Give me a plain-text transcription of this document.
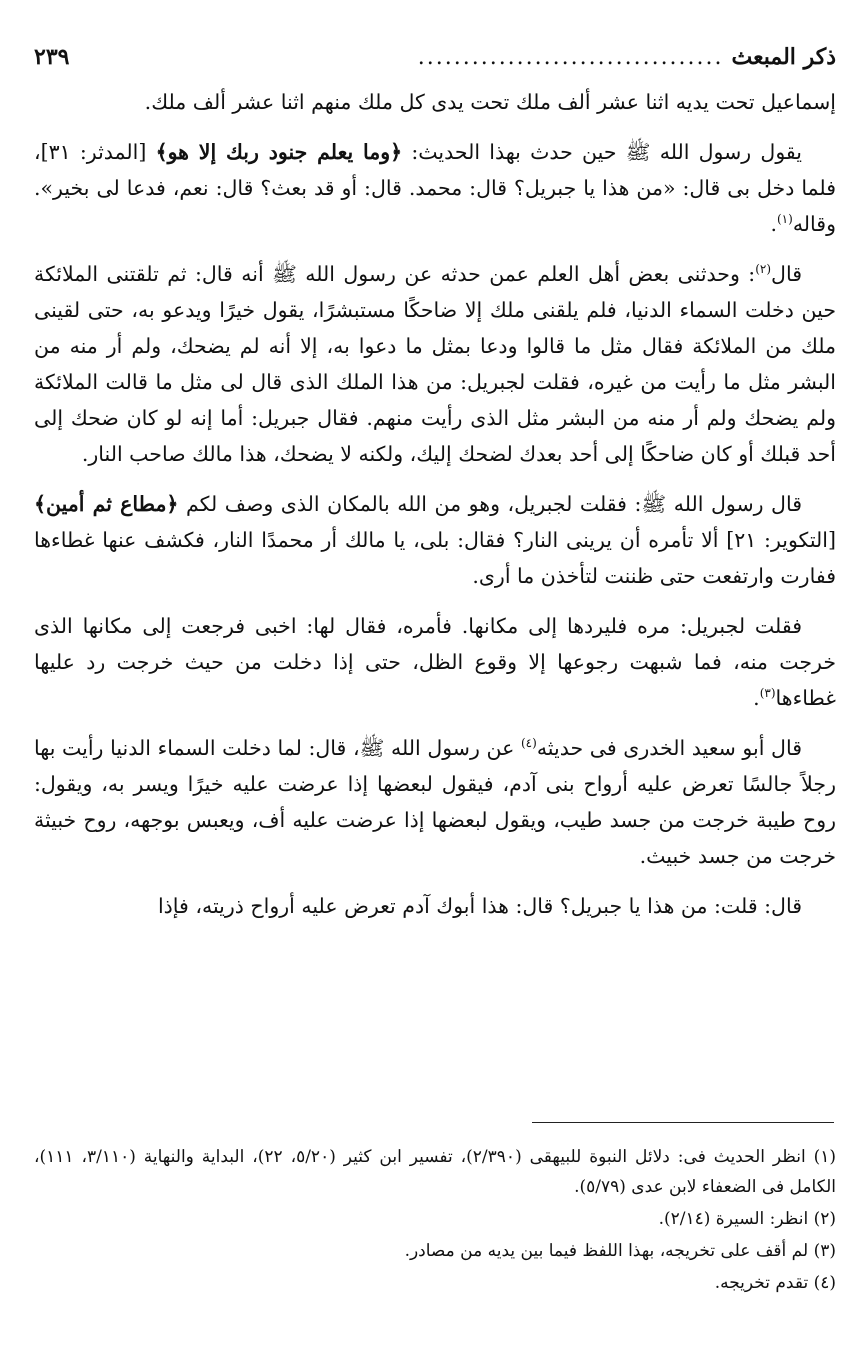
ذكر المبعث
..................................
٢٣٩

إسماعيل تحت يديه اثنا عشر ألف ملك تحت يدى كل ملك منهم اثنا عشر ألف ملك.

يقول رسول الله ﷺ حين حدث بهذا الحديث: ﴿وما يعلم جنود ربك إلا هو﴾ [المدثر: ٣١]، فلما دخل بى قال: «من هذا يا جبريل؟ قال: محمد. قال: أو قد بعث؟ قال: نعم، فدعا لى بخير». وقاله$^{(١)}$.

قال$^{(٢)}$: وحدثنى بعض أهل العلم عمن حدثه عن رسول الله ﷺ أنه قال: ثم تلقتنى الملائكة حين دخلت السماء الدنيا، فلم يلقنى ملك إلا ضاحكًا مستبشرًا، يقول خيرًا ويدعو به، حتى لقينى ملك من الملائكة فقال مثل ما قالوا ودعا بمثل ما دعوا به، إلا أنه لم يضحك، ولم أر منه من البشر مثل ما رأيت من غيره، فقلت لجبريل: من هذا الملك الذى قال لى مثل ما قالت الملائكة ولم يضحك ولم أر منه من البشر مثل الذى رأيت منهم. فقال جبريل: أما إنه لو كان ضحك إلى أحد قبلك أو كان ضاحكًا إلى أحد بعدك لضحك إليك، ولكنه لا يضحك، هذا مالك صاحب النار.

قال رسول الله ﷺ: فقلت لجبريل، وهو من الله بالمكان الذى وصف لكم ﴿مطاع ثم أمين﴾ [التكوير: ٢١] ألا تأمره أن يرينى النار؟ فقال: بلى، يا مالك أر محمدًا النار، فكشف عنها غطاءها ففارت وارتفعت حتى ظننت لتأخذن ما أرى.

فقلت لجبريل: مره فليردها إلى مكانها. فأمره، فقال لها: اخبى فرجعت إلى مكانها الذى خرجت منه، فما شبهت رجوعها إلا وقوع الظل، حتى إذا دخلت من حيث خرجت رد عليها غطاءها$^{(٣)}$.

قال أبو سعيد الخدرى فى حديثه$^{(٤)}$ عن رسول الله ﷺ، قال: لما دخلت السماء الدنيا رأيت بها رجلاً جالسًا تعرض عليه أرواح بنى آدم، فيقول لبعضها إذا عرضت عليه خيرًا ويسر به، ويقول: روح طيبة خرجت من جسد طيب، ويقول لبعضها إذا عرضت عليه أف، ويعبس بوجهه، روح خبيثة خرجت من جسد خبيث.

قال: قلت: من هذا يا جبريل؟ قال: هذا أبوك آدم تعرض عليه أرواح ذريته، فإذا

(١) انظر الحديث فى: دلائل النبوة للبيهقى (٢/٣٩٠)، تفسير ابن كثير (٥/٢٠، ٢٢)، البداية والنهاية (٣/١١٠، ١١١)، الكامل فى الضعفاء لابن عدى (٥/٧٩).

(٢) انظر: السيرة (٢/١٤).

(٣) لم أقف على تخريجه، بهذا اللفظ فيما بين يديه من مصادر.

(٤) تقدم تخريجه.
